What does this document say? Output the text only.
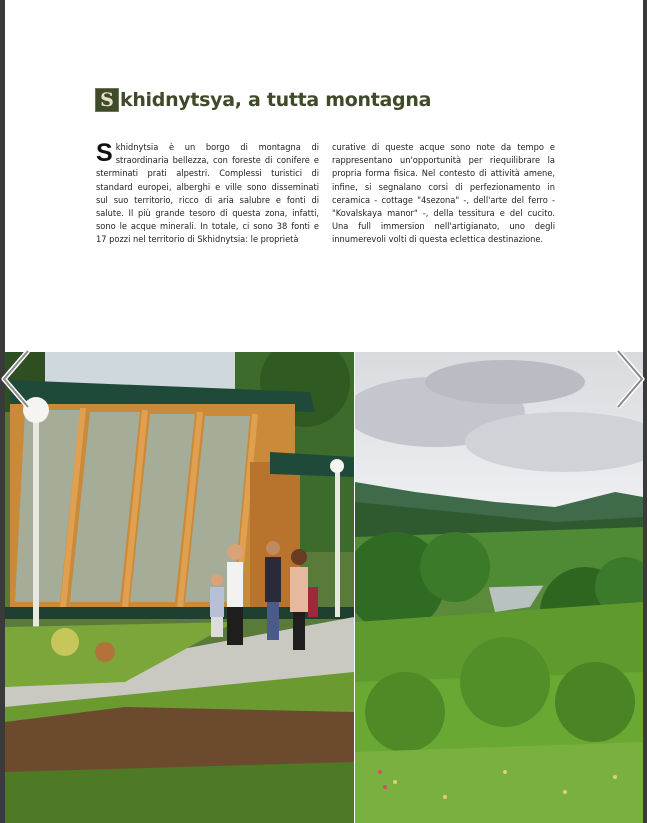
S khidnytsya, a tutta montagna
Skhidnytsia è un borgo di montagna di straordinaria bellezza, con foreste di conifere e sterminati prati alpestri. Complessi turistici di standard europei, alberghi e ville sono disseminati sul suo territorio, ricco di aria salubre e fonti di salute. Il più grande tesoro di questa zona, infatti, sono le acque minerali. In totale, ci sono 38 fonti e 17 pozzi nel territorio di Skhidnytsia: le proprietà
curative di queste acque sono note da tempo e rappresentano un'opportunità per riequilibrare la propria forma fisica. Nel contesto di attività amene, infine, si segnalano corsi di perfezionamento in ceramica - cottage "4sezona" -, dell'arte del ferro - "Kovalskaya manor" -, della tessitura e del cucito. Una full immersion nell'artigianato, uno degli innumerevoli volti di questa eclettica destinazione.
